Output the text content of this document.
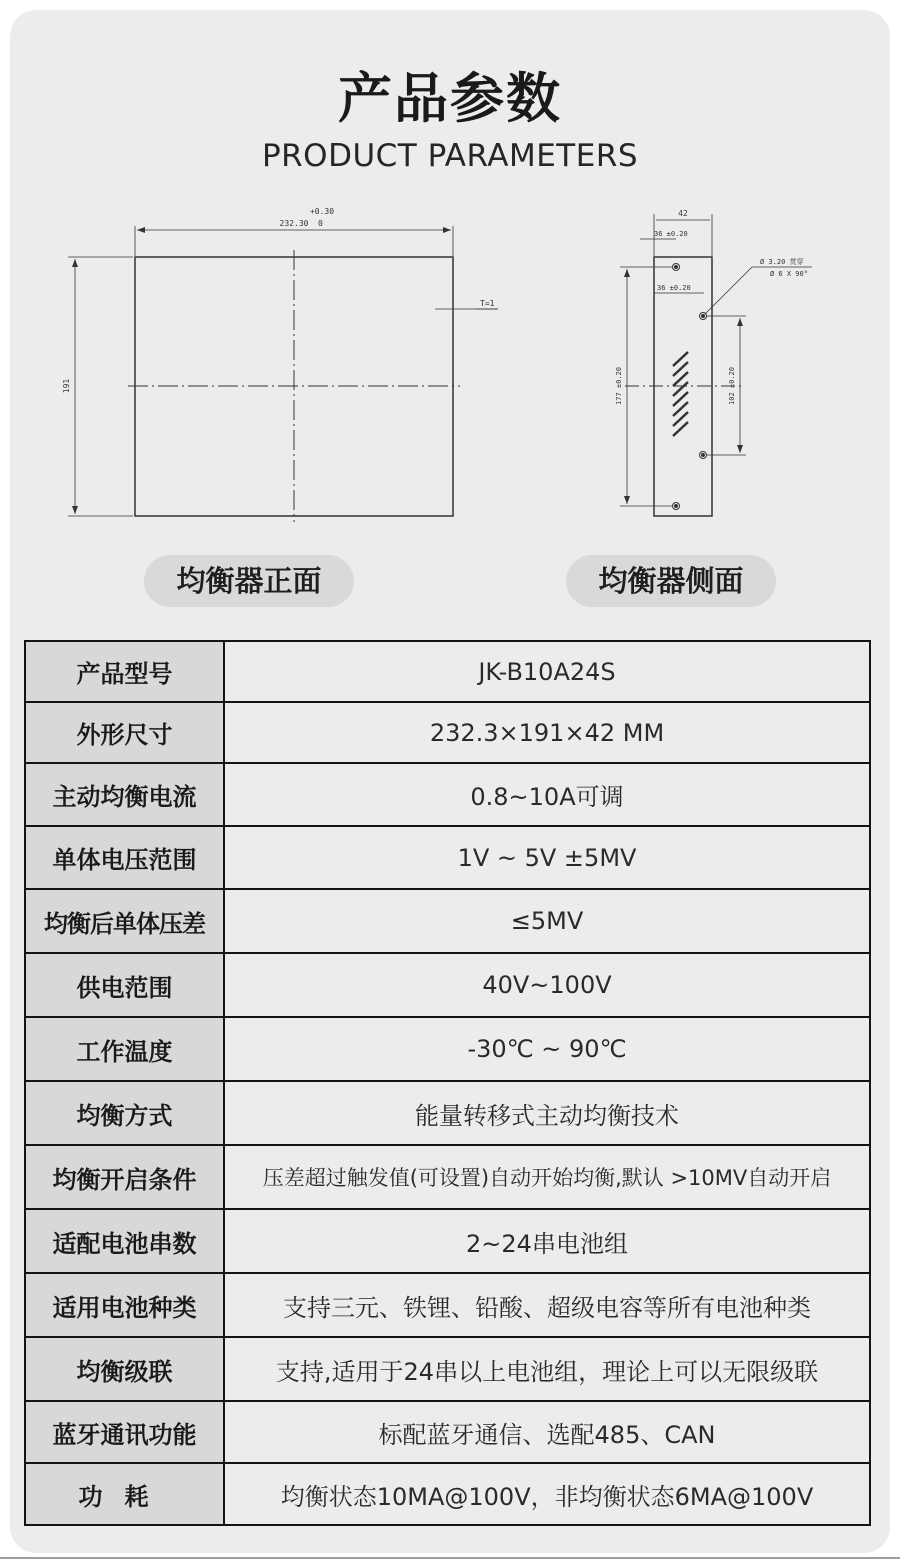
产品参数
PRODUCT PARAMETERS
+0.30
232.30 0
191
T=1
42
36 ±0.20
36 ±0.20
Ø 3.20 贯穿
Ø 6 X 90°
177 ±0.20	102 ±0.20
均衡器正面	均衡器侧面
产品型号	JK-B10A24S
外形尺寸	232.3×191×42 MM
主动均衡电流	0.8~10A可调
单体电压范围	1V ~ 5V ±5MV
均衡后单体压差	≤5MV
供电范围	40V~100V
工作温度	-30℃ ~ 90℃
均衡方式	能量转移式主动均衡技术
均衡开启条件	压差超过触发值(可设置)自动开始均衡,默认 >10MV自动开启
适配电池串数	2~24串电池组
适用电池种类	支持三元、铁锂、铅酸、超级电容等所有电池种类
均衡级联	支持,适用于24串以上电池组，理论上可以无限级联
蓝牙通讯功能	标配蓝牙通信、选配485、CAN
功耗	均衡状态10MA@100V，非均衡状态6MA@100V
